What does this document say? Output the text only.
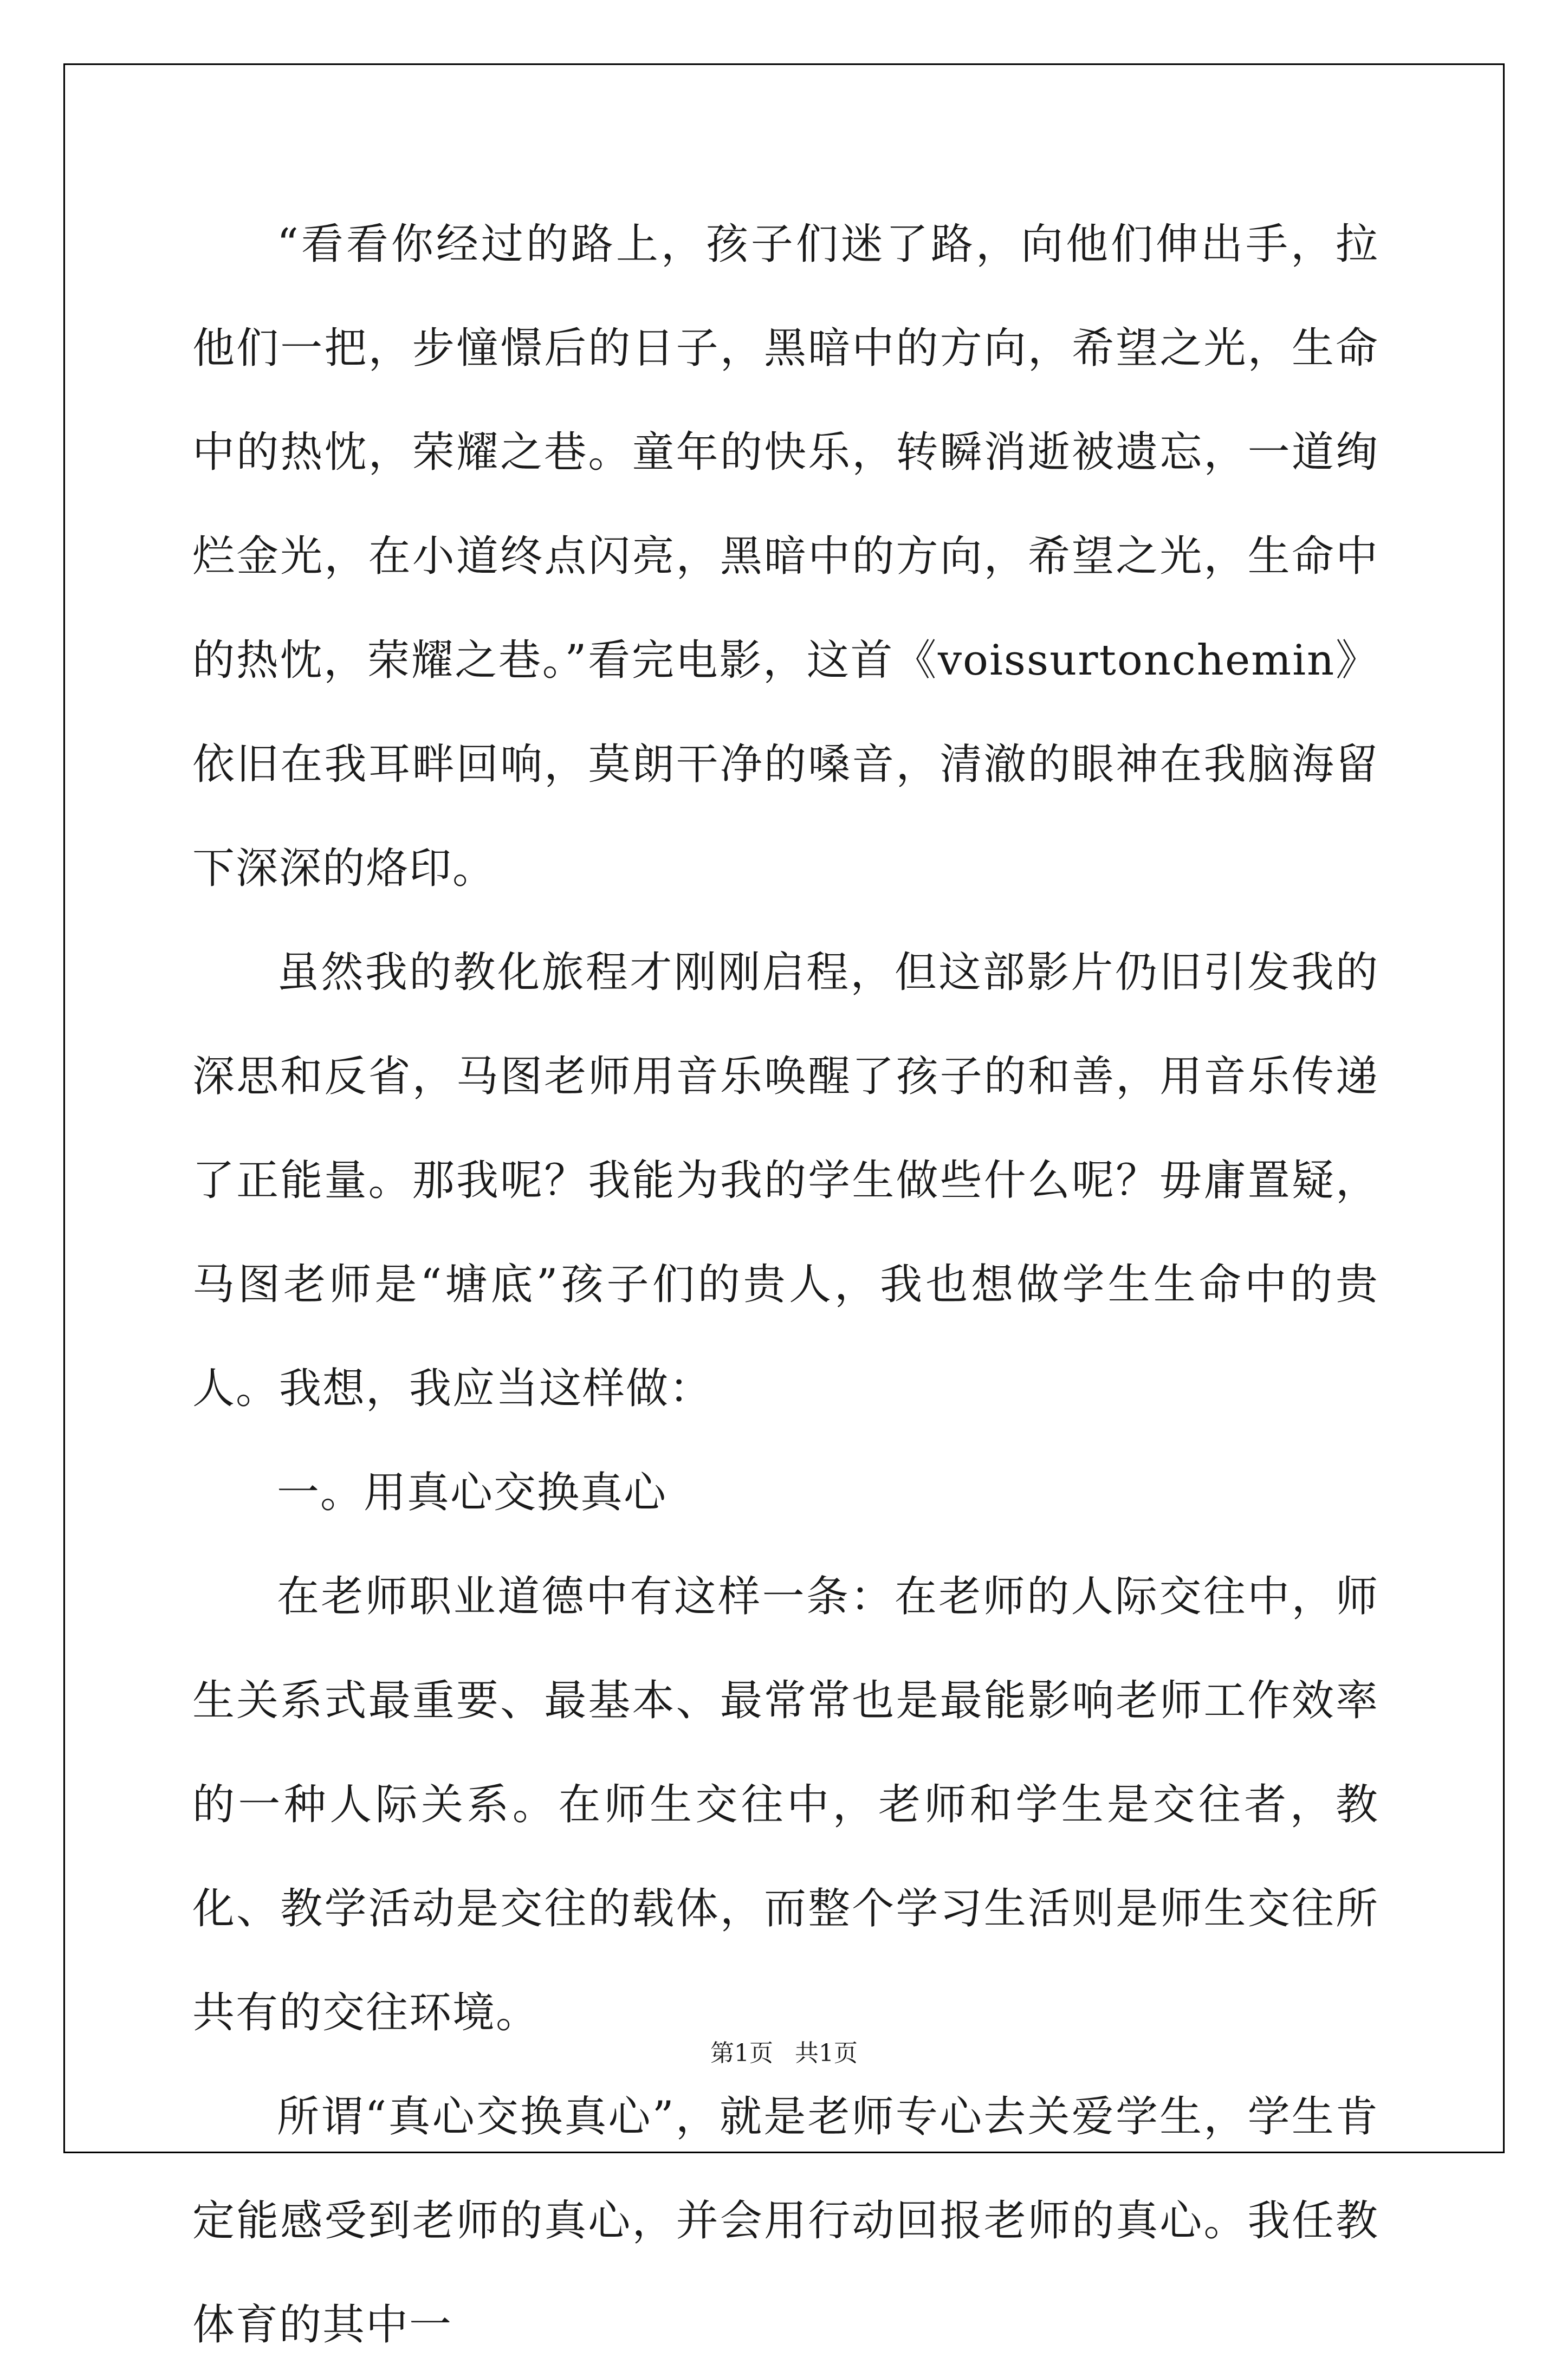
“看看你经过的路上，孩子们迷了路，向他们伸出手，拉他们一把，步憧憬后的日子，黑暗中的方向，希望之光，生命中的热忱，荣耀之巷。童年的快乐，转瞬消逝被遗忘，一道绚烂金光，在小道终点闪亮，黑暗中的方向，希望之光，生命中的热忱，荣耀之巷。”看完电影，这首《voissurtonchemin》依旧在我耳畔回响，莫朗干净的嗓音，清澈的眼神在我脑海留下深深的烙印。

虽然我的教化旅程才刚刚启程，但这部影片仍旧引发我的深思和反省，马图老师用音乐唤醒了孩子的和善，用音乐传递了正能量。那我呢？我能为我的学生做些什么呢？毋庸置疑，马图老师是“塘底”孩子们的贵人，我也想做学生生命中的贵人。我想，我应当这样做：

一。用真心交换真心

在老师职业道德中有这样一条：在老师的人际交往中，师生关系式最重要、最基本、最常常也是最能影响老师工作效率的一种人际关系。在师生交往中，老师和学生是交往者，教化、教学活动是交往的载体，而整个学习生活则是师生交往所共有的交往环境。

所谓“真心交换真心”，就是老师专心去关爱学生，学生肯定能感受到老师的真心，并会用行动回报老师的真心。我任教体育的其中一

第1页 共1页
